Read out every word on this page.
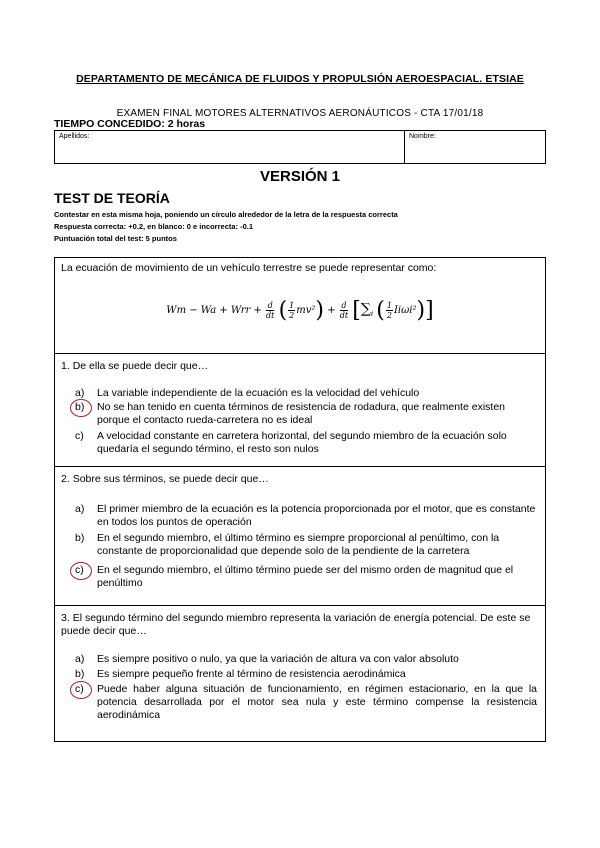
DEPARTAMENTO DE MECÁNICA DE FLUIDOS Y PROPULSIÓN AEROESPACIAL. ETSIAE
EXAMEN FINAL MOTORES ALTERNATIVOS AERONÁUTICOS - CTA 17/01/18
TIEMPO CONCEDIDO: 2 horas
Apellidos:	Nombre:
VERSIÓN 1
TEST DE TEORÍA
Contestar en esta misma hoja, poniendo un círculo alrededor de la letra de la respuesta correcta
Respuesta correcta: +0.2, en blanco: 0 e incorrecta: -0.1
Puntuación total del test: 5 puntos
La ecuación de movimiento de un vehículo terrestre se puede representar como:
Wm − Wa + Wrr + $\frac{d}{dt}$ ( $\frac{1}{2}mv^2) + \frac{d}{dt} [\sum_i$ ( $\frac{1}{2}Ii\omega i^2$)]
1. De ella se puede decir que…
a)	La variable independiente de la ecuación es la velocidad del vehículo
b)	No se han tenido en cuenta términos de resistencia de rodadura, que realmente existen porque el contacto rueda-carretera no es ideal
c)	A velocidad constante en carretera horizontal, del segundo miembro de la ecuación solo quedaría el segundo término, el resto son nulos
2. Sobre sus términos, se puede decir que…
a)	El primer miembro de la ecuación es la potencia proporcionada por el motor, que es constante en todos los puntos de operación
b)	En el segundo miembro, el último término es siempre proporcional al penúltimo, con la constante de proporcionalidad que depende solo de la pendiente de la carretera
c)	En el segundo miembro, el último término puede ser del mismo orden de magnitud que el penúltimo
3. El segundo término del segundo miembro representa la variación de energía potencial. De este se puede decir que…
a)	Es siempre positivo o nulo, ya que la variación de altura va con valor absoluto
b)	Es siempre pequeño frente al término de resistencia aerodinámica
c)	Puede haber alguna situación de funcionamiento, en régimen estacionario, en la que la potencia desarrollada por el motor sea nula y este término compense la resistencia aerodinámica
